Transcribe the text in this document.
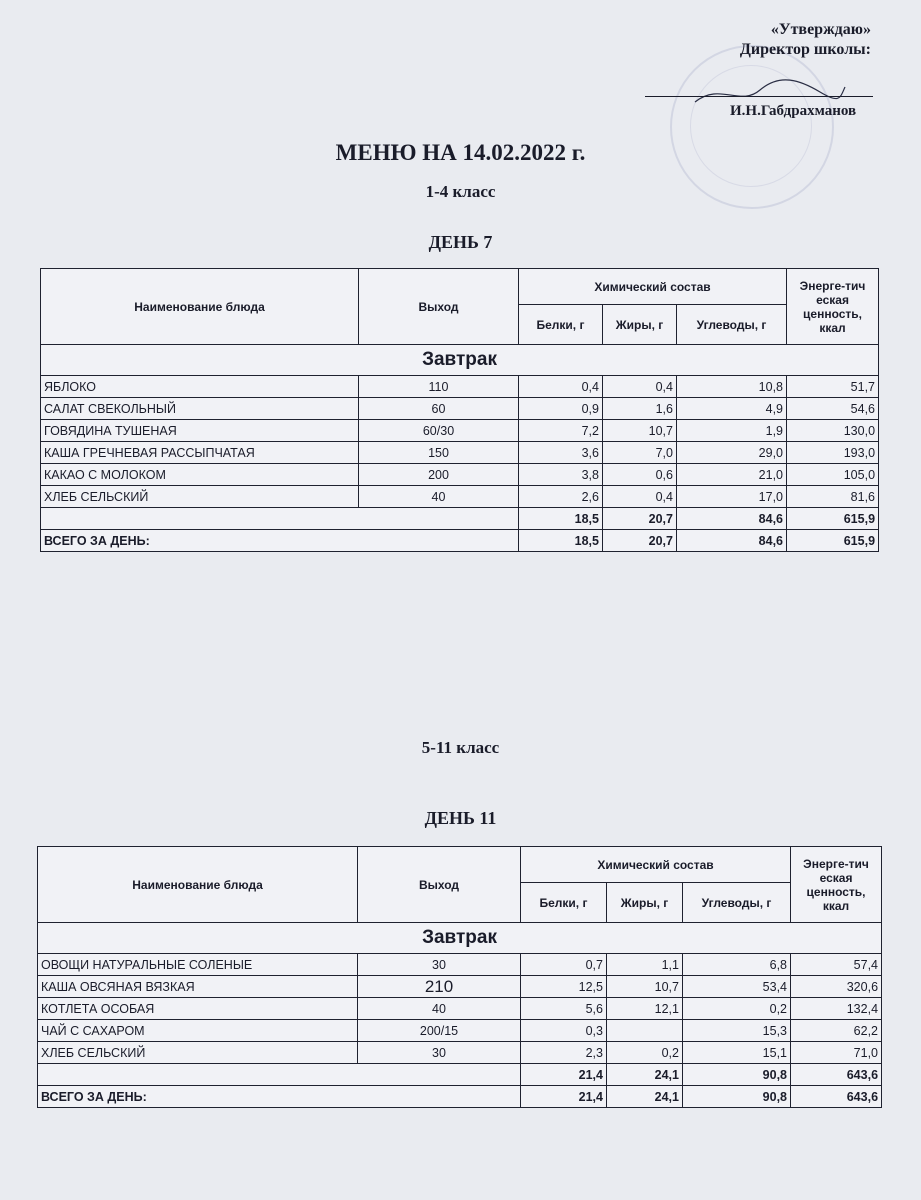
«Утверждаю»
Директор школы:
И.Н.Габдрахманов
МЕНЮ НА 14.02.2022 г.
1-4 класс
ДЕНЬ 7
Наименование блюда	Выход	Химический состав			Энерге-тич еская ценность, ккал
		Белки, г	Жиры, г	Углеводы, г	
Завтрак					
ЯБЛОКО	110	0,4	0,4	10,8	51,7
САЛАТ СВЕКОЛЬНЫЙ	60	0,9	1,6	4,9	54,6
ГОВЯДИНА ТУШЕНАЯ	60/30	7,2	10,7	1,9	130,0
КАША ГРЕЧНЕВАЯ РАССЫПЧАТАЯ	150	3,6	7,0	29,0	193,0
КАКАО С МОЛОКОМ	200	3,8	0,6	21,0	105,0
ХЛЕБ СЕЛЬСКИЙ	40	2,6	0,4	17,0	81,6
		18,5	20,7	84,6	615,9
ВСЕГО ЗА ДЕНЬ:		18,5	20,7	84,6	615,9
5-11 класс
ДЕНЬ 11
Наименование блюда	Выход	Химический состав			Энерге-тич еская ценность, ккал
		Белки, г	Жиры, г	Углеводы, г	
Завтрак					
ОВОЩИ НАТУРАЛЬНЫЕ СОЛЕНЫЕ	30	0,7	1,1	6,8	57,4
КАША ОВСЯНАЯ ВЯЗКАЯ	210	12,5	10,7	53,4	320,6
КОТЛЕТА ОСОБАЯ	40	5,6	12,1	0,2	132,4
ЧАЙ С САХАРОМ	200/15	0,3		15,3	62,2
ХЛЕБ СЕЛЬСКИЙ	30	2,3	0,2	15,1	71,0
		21,4	24,1	90,8	643,6
ВСЕГО ЗА ДЕНЬ:		21,4	24,1	90,8	643,6
